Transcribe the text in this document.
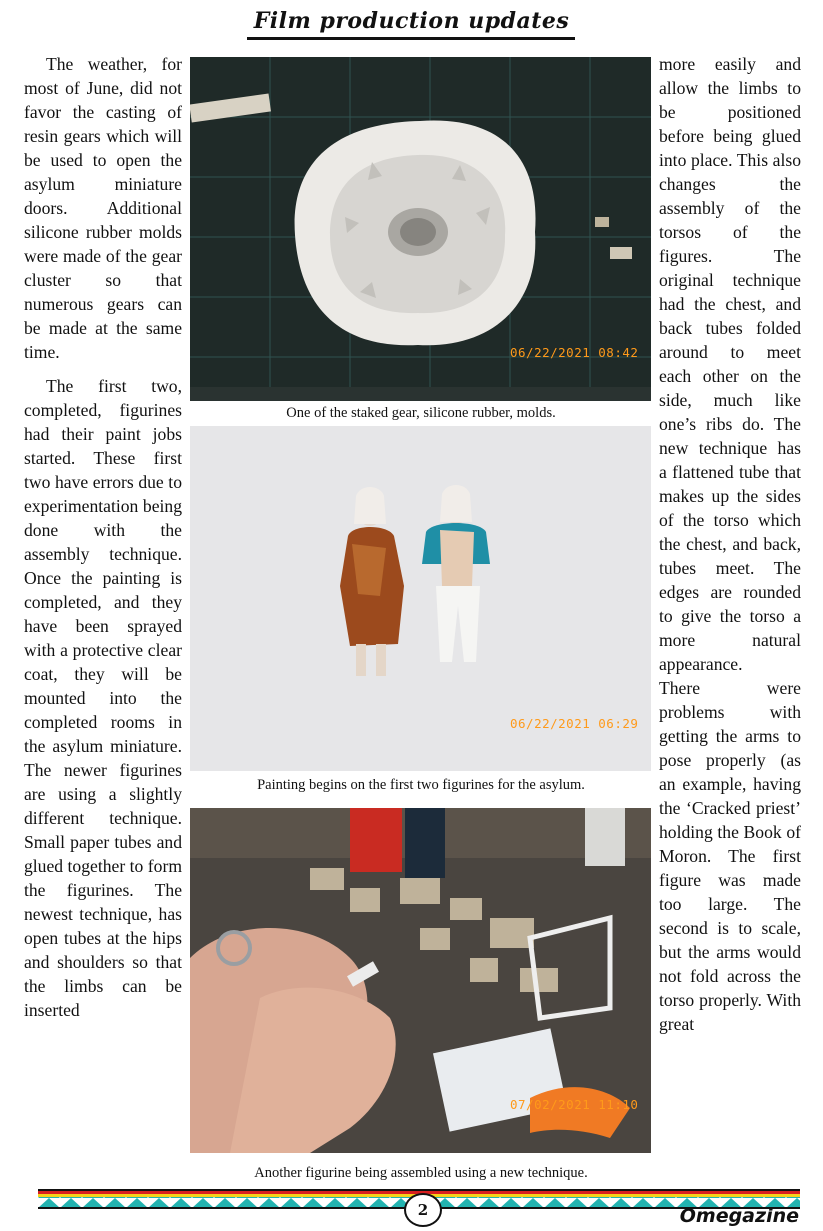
Film production updates

The weather, for most of June, did not favor the casting of resin gears which will be used to open the asylum miniature doors. Additional silicone rubber molds were made of the gear cluster so that numerous gears can be made at the same time.

The first two, completed, figurines had their paint jobs started. These first two have errors due to experimentation being done with the assembly technique. Once the painting is completed, and they have been sprayed with a protective clear coat, they will be mounted into the completed rooms in the asylum miniature. The newer figurines are using a slightly different technique. Small paper tubes and glued together to form the figurines. The newest technique, has open tubes at the hips and shoulders so that the limbs can be inserted

06/22/2021 08:42
One of the staked gear, silicone rubber, molds.
06/22/2021 06:29
Painting begins on the first two figurines for the asylum.
07/02/2021 11:10
Another figurine being assembled using a new technique.

more easily and allow the limbs to be positioned before being glued into place. This also changes the assembly of the torsos of the figures. The original technique had the chest, and back tubes folded around to meet each other on the side, much like one’s ribs do. The new technique has a flattened tube that makes up the sides of the torso which the chest, and back, tubes meet. The edges are rounded to give the torso a more natural appearance.

There were problems with getting the arms to pose properly (as an example, having the ‘Cracked priest’ holding the Book of Moron. The first figure was made too large. The second is to scale, but the arms would not fold across the torso properly. With great

2	Omegazine
